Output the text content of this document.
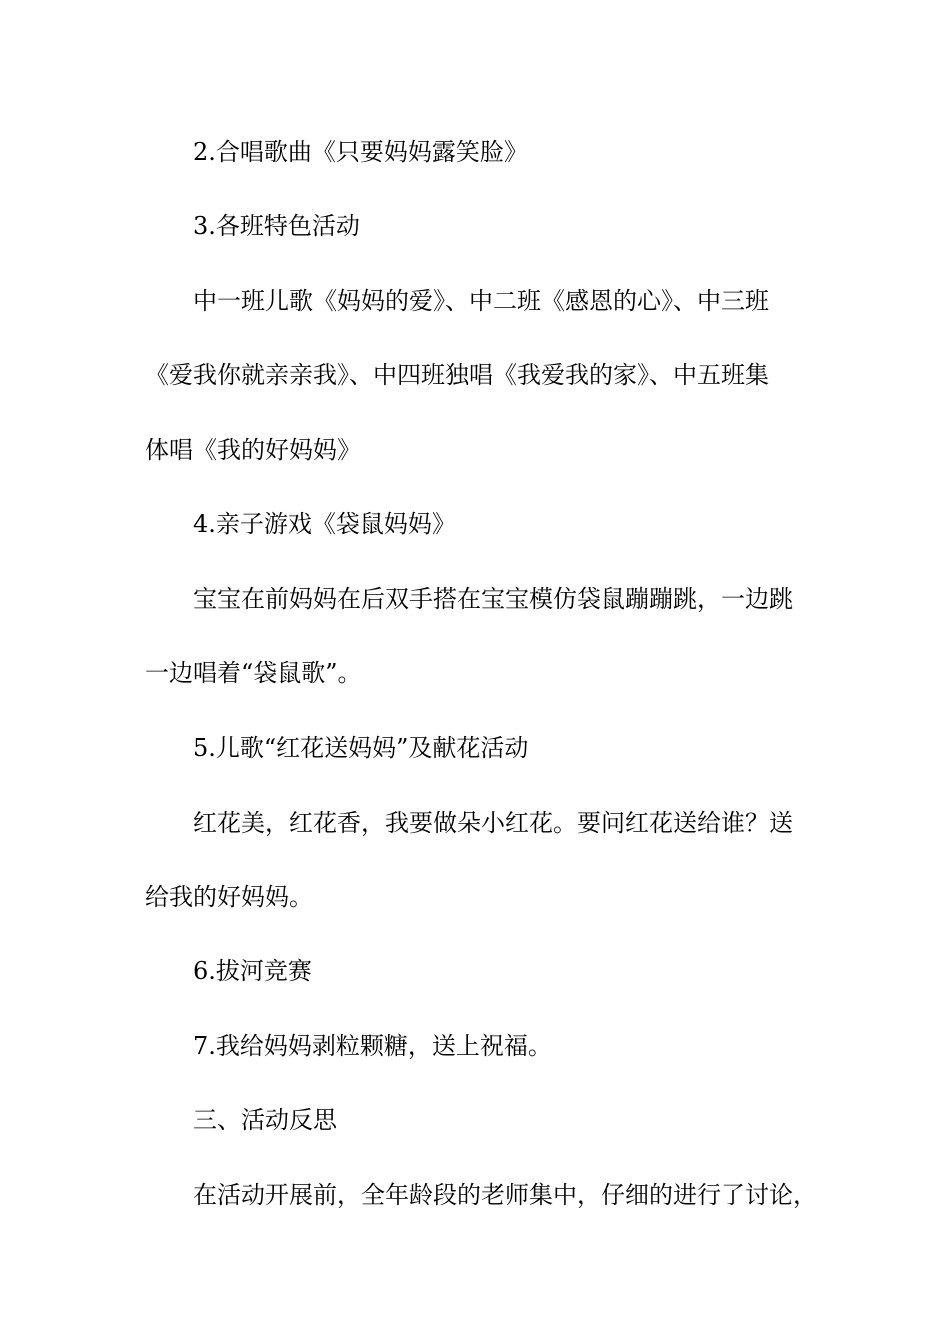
2.合唱歌曲《只要妈妈露笑脸》
3.各班特色活动
中一班儿歌《妈妈的爱》、中二班《感恩的心》、中三班
《爱我你就亲亲我》、中四班独唱《我爱我的家》、中五班集
体唱《我的好妈妈》
4.亲子游戏《袋鼠妈妈》
宝宝在前妈妈在后双手搭在宝宝模仿袋鼠蹦蹦跳，一边跳
一边唱着“袋鼠歌”。
5.儿歌“红花送妈妈”及献花活动
红花美，红花香，我要做朵小红花。要问红花送给谁？送
给我的好妈妈。
6.拔河竞赛
7.我给妈妈剥粒颗糖，送上祝福。
三、活动反思
在活动开展前，全年龄段的老师集中，仔细的进行了讨论，
